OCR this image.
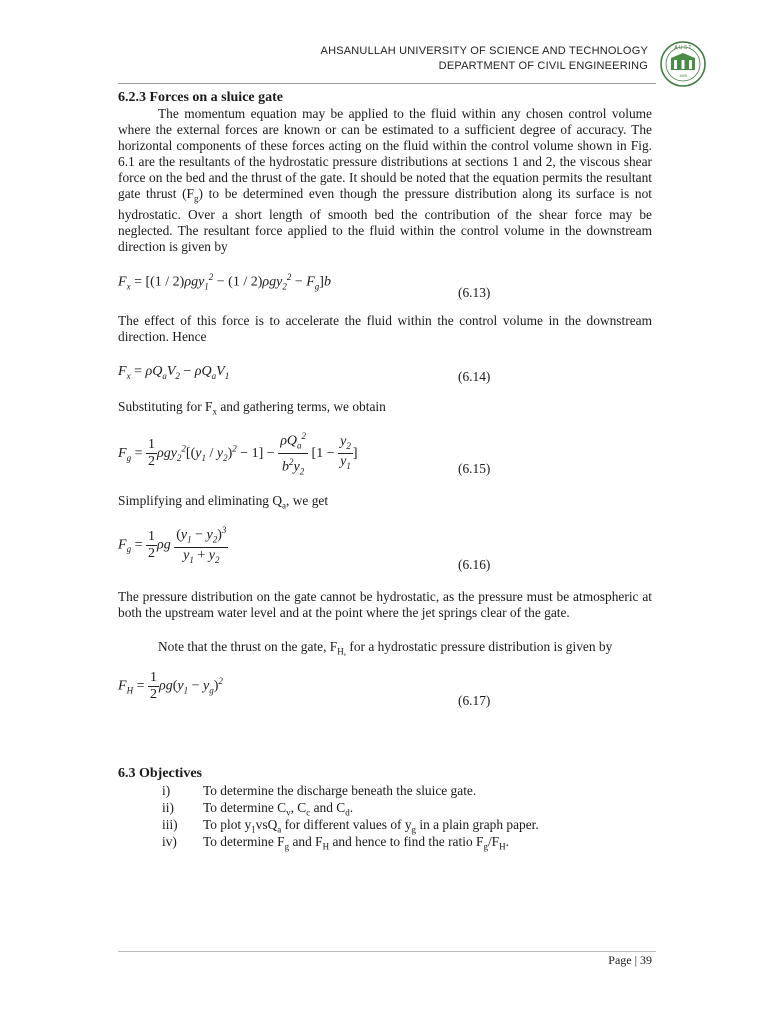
AHSANULLAH UNIVERSITY OF SCIENCE AND TECHNOLOGY
DEPARTMENT OF CIVIL ENGINEERING
A U S T
1995
6.2.3 Forces on a sluice gate

The momentum equation may be applied to the fluid within any chosen control volume where the external forces are known or can be estimated to a sufficient degree of accuracy. The horizontal components of these forces acting on the fluid within the control volume shown in Fig. 6.1 are the resultants of the hydrostatic pressure distributions at sections 1 and 2, the viscous shear force on the bed and the thrust of the gate. It should be noted that the equation permits the resultant gate thrust $(F_g)$ to be determined even though the pressure distribution along its surface is not hydrostatic. Over a short length of smooth bed the contribution of the shear force may be neglected. The resultant force applied to the fluid within the control volume in the downstream direction is given by

$F_x = [(1 / 2)\rho gy_1^2 - (1 / 2)\rho gy_2^2 - F_g]b$
(6.13)

The effect of this force is to accelerate the fluid within the control volume in the downstream direction. Hence

$F_x = \rho Q_aV_2 - \rho Q_aV_1$	(6.14)

Substituting for $F_x$ and gathering terms, we obtain

$F_g = \frac{1}{2} \rho gy_2^2[(y_1 / y_2)^2 - 1] - \frac{\rho Q_a^2}{b^2y_2} [1 - \frac{y_2}{y_1}$ ]
(6.15)

Simplifying and eliminating $Q_a$, we get

$F_g = \frac{1}{2}$ ρg $\frac{(y_1 - y_2)^3}{y_1 + y_2}$	(6.16)

The pressure distribution on the gate cannot be hydrostatic, as the pressure must be atmospheric at both the upstream water level and at the point where the jet springs clear of the gate.

Note that the thrust on the gate, $F_{H,}$ for a hydrostatic pressure distribution is given by

$F_H = \frac{1}{2} \rho g(y_1 - y_g)^2$
(6.17)
6.3 Objectives
i) To determine the discharge beneath the sluice gate.
ii) To determine $C_v$, $C_c$ and $C_d$.
iii) To plot $y_1vsQ_a$ for different values of $y_g$ in a plain graph paper.
iv) To determine $F_g$ and $F_H$ and hence to find the ratio $F_g/F_H$.
Page | 39
